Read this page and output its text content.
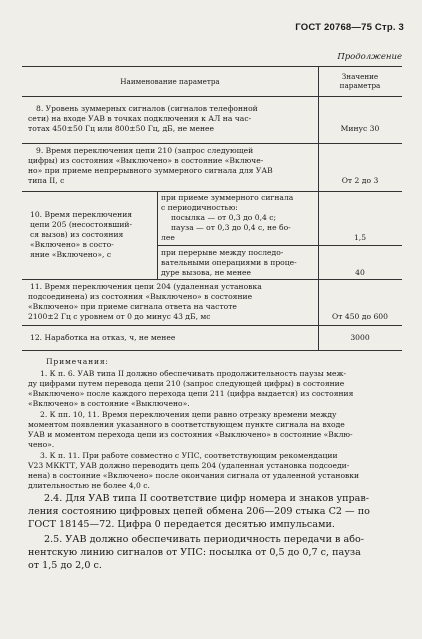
ГОСТ 20768—75 Стр. 3
Продолжение
Наименование параметра
Значение
параметра
8. Уровень зуммерных сигналов (сигналов телефонной
сети) на входе УАВ в точках подключения к АЛ на час-
тотах 450±50 Гц или 800±50 Гц, дБ, не менее	Минус 30
9. Время переключения цепи 210 (запрос следующей
цифры) из состояния «Выключено» в состояние «Включе-
но» при приеме непрерывного зуммерного сигнала для УАВ
типа II, с	От 2 до 3
10. Время переключения
цепи 205 (несостоявший-
ся вызов) из состояния
«Включено» в состо-
яние «Включено», с
при приеме зуммерного сигнала
с периодичностью:
посылка — от 0,3 до 0,4 с;
пауза — от 0,3 до 0,4 с, не бо-
лее	1,5
при перерыве между последо-
вательными операциями в проце-
дуре вызова, не менее	40
11. Время переключения цепи 204 (удаленная установка
подсоединена) из состояния «Выключено» в состояние
«Включено» при приеме сигнала ответа на частоте
2100±2 Гц с уровнем от 0 до минус 43 дБ, мс	От 450 до 600
12. Наработка на отказ, ч, не менее	3000
Примечания:
1. К п. 6. УАВ типа II должно обеспечивать продолжительность паузы меж-
ду цифрами путем перевода цепи 210 (запрос следующей цифры) в состояние
«Выключено» после каждого перехода цепи 211 (цифра выдается) из состояния
«Включено» в состояние «Выключено».
2. К пп. 10, 11. Время переключения цепи равно отрезку времени между
моментом появления указанного в соответствующем пункте сигнала на входе
УАВ и моментом перехода цепи из состояния «Выключено» в состояние «Вклю-
чено».
3. К п. 11. При работе совместно с УПС, соответствующим рекомендации
V23 МККТТ, УАВ должно переводить цепь 204 (удаленная установка подсоеди-
нена) в состояние «Включено» после окончания сигнала от удаленной установки
длительностью не более 4,0 с.
2.4. Для УАВ типа II соответствие цифр номера и знаков управ-
ления состоянию цифровых цепей обмена 206—209 стыка С2 — по
ГОСТ 18145—72. Цифра 0 передается десятью импульсами.
2.5. УАВ должно обеспечивать периодичность передачи в або-
нентскую линию сигналов от УПС: посылка от 0,5 до 0,7 с, пауза
от 1,5 до 2,0 с.
